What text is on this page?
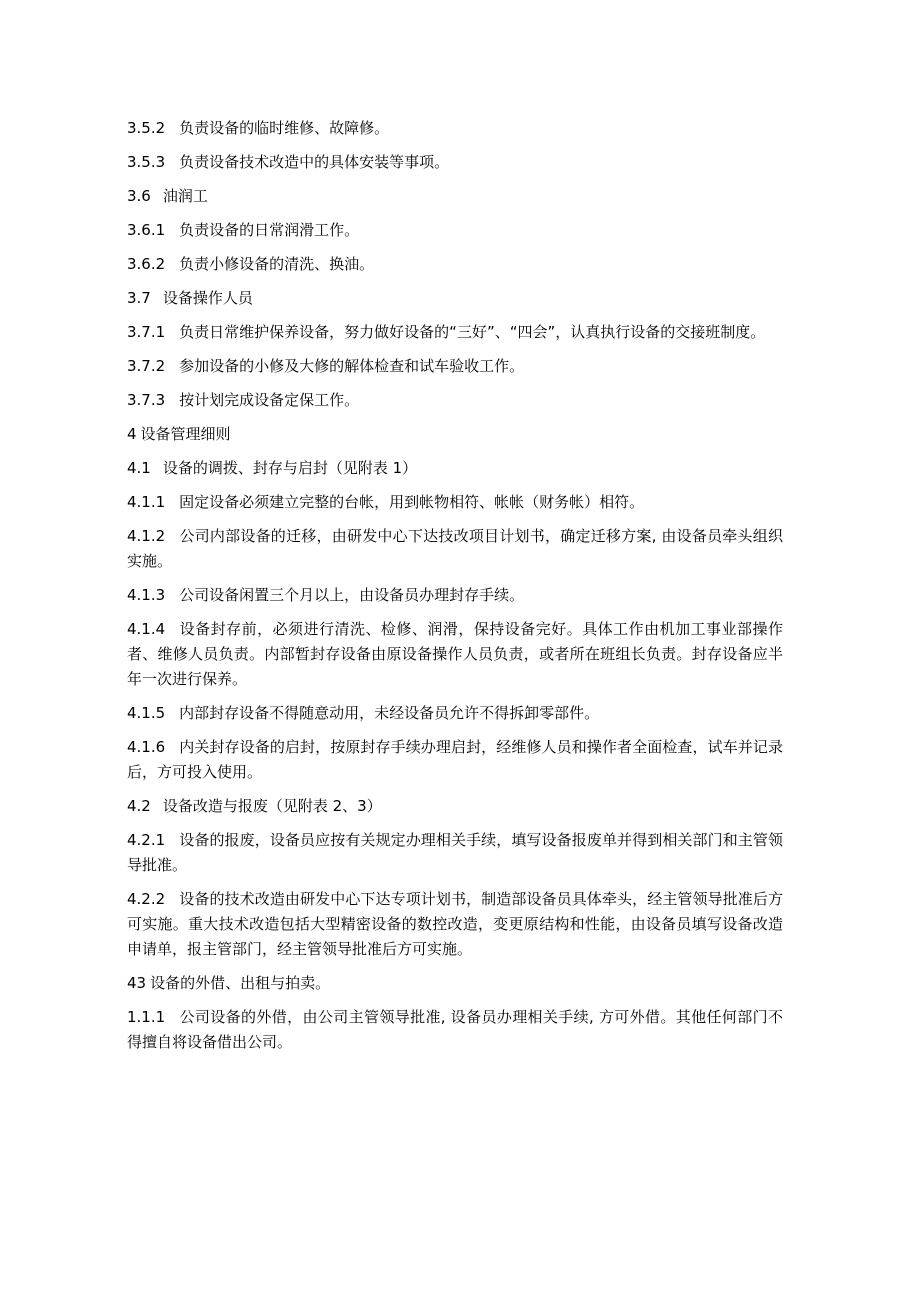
3.5.2 负责设备的临时维修、故障修。

3.5.3 负责设备技术改造中的具体安装等事项。

3.6 油润工

3.6.1 负责设备的日常润滑工作。

3.6.2 负责小修设备的清洗、换油。

3.7 设备操作人员

3.7.1 负责日常维护保养设备，努力做好设备的“三好”、“四会”，认真执行设备的交接班制度。

3.7.2 参加设备的小修及大修的解体检查和试车验收工作。

3.7.3 按计划完成设备定保工作。

4 设备管理细则

4.1 设备的调拨、封存与启封（见附表 1）

4.1.1 固定设备必须建立完整的台帐，用到帐物相符、帐帐（财务帐）相符。

4.1.2 公司内部设备的迁移，由研发中心下达技改项目计划书，确定迁移方案, 由设备员牵头组织实施。

4.1.3 公司设备闲置三个月以上，由设备员办理封存手续。

4.1.4 设备封存前，必须进行清洗、检修、润滑，保持设备完好。具体工作由机加工事业部操作者、维修人员负责。内部暂封存设备由原设备操作人员负责，或者所在班组长负责。封存设备应半年一次进行保养。

4.1.5 内部封存设备不得随意动用，未经设备员允许不得拆卸零部件。

4.1.6 内关封存设备的启封，按原封存手续办理启封，经维修人员和操作者全面检查，试车并记录后，方可投入使用。

4.2 设备改造与报废（见附表 2、3）

4.2.1 设备的报废，设备员应按有关规定办理相关手续，填写设备报废单并得到相关部门和主管领导批准。

4.2.2 设备的技术改造由研发中心下达专项计划书，制造部设备员具体牵头，经主管领导批准后方可实施。重大技术改造包括大型精密设备的数控改造，变更原结构和性能，由设备员填写设备改造申请单，报主管部门，经主管领导批准后方可实施。

43 设备的外借、出租与拍卖。

1.1.1 公司设备的外借，由公司主管领导批准, 设备员办理相关手续, 方可外借。其他任何部门不得擅自将设备借出公司。
